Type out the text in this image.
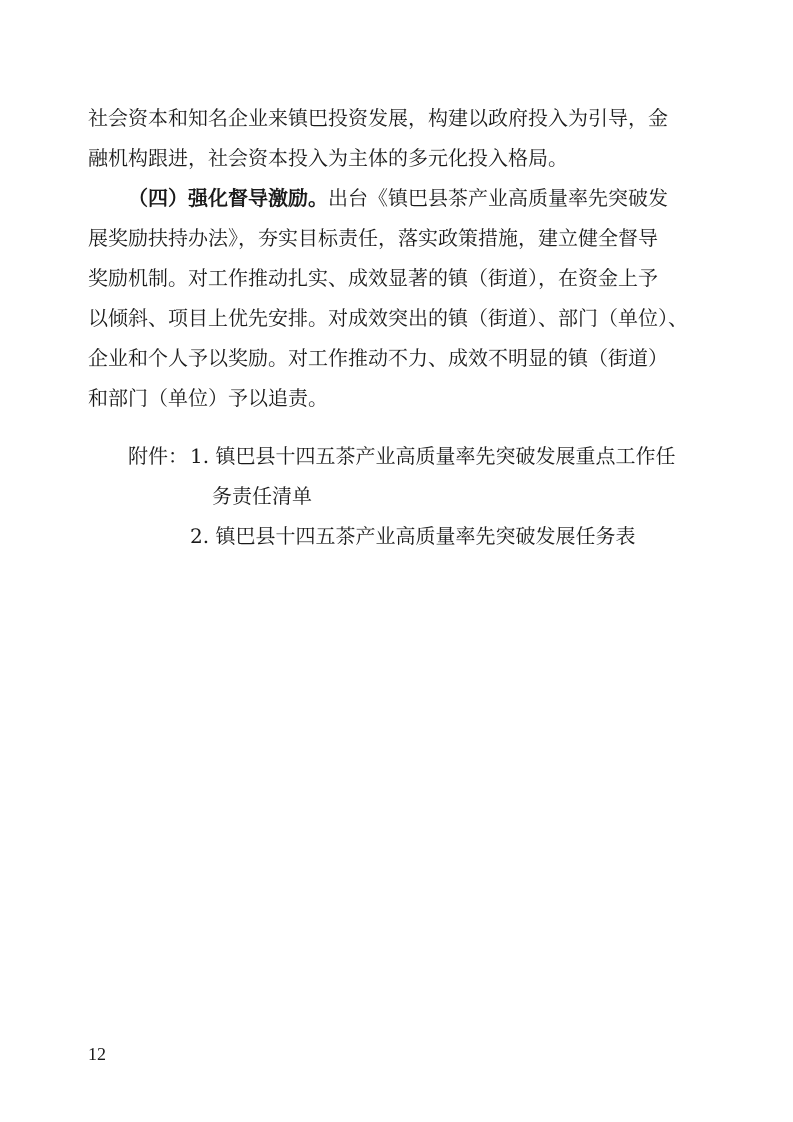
社会资本和知名企业来镇巴投资发展，构建以政府投入为引导，金
融机构跟进，社会资本投入为主体的多元化投入格局。
（四）强化督导激励。出台《镇巴县茶产业高质量率先突破发
展奖励扶持办法》，夯实目标责任，落实政策措施，建立健全督导
奖励机制。对工作推动扎实、成效显著的镇（街道），在资金上予
以倾斜、项目上优先安排。对成效突出的镇（街道）、部门（单位）、
企业和个人予以奖励。对工作推动不力、成效不明显的镇（街道）
和部门（单位）予以追责。
附件： 1. 镇巴县十四五茶产业高质量率先突破发展重点工作任
务责任清单
2. 镇巴县十四五茶产业高质量率先突破发展任务表
12
